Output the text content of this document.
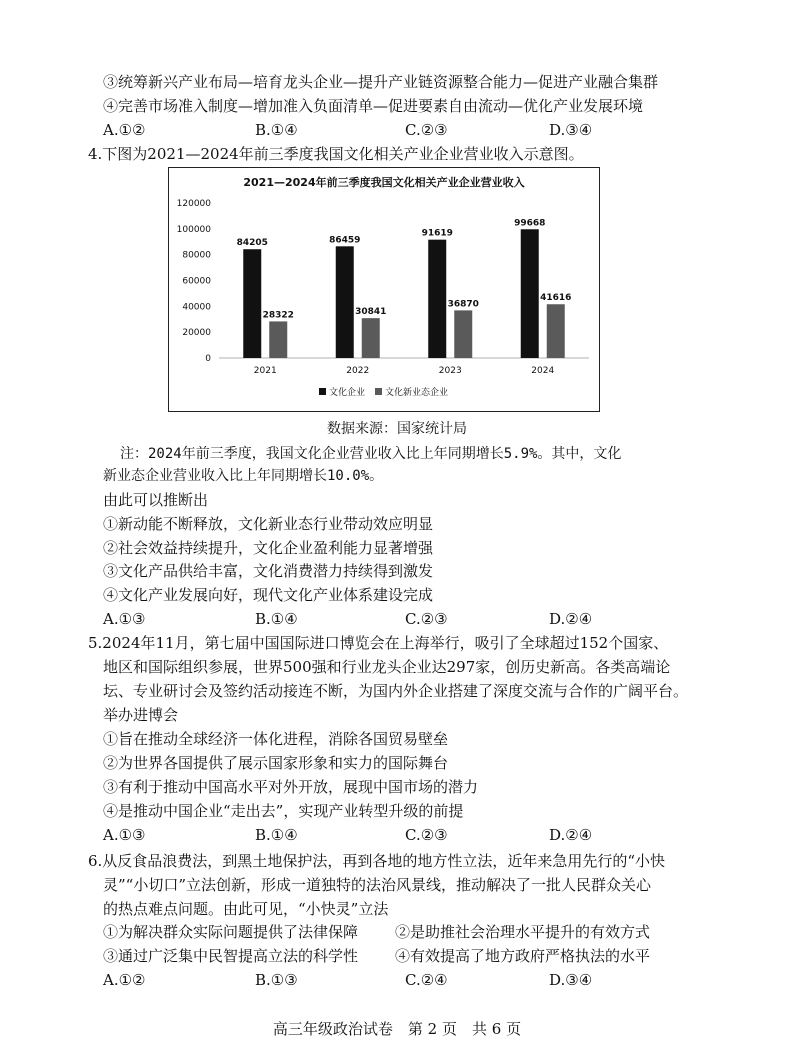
③统筹新兴产业布局—培育龙头企业—提升产业链资源整合能力—促进产业融合集群
④完善市场准入制度—增加准入负面清单—促进要素自由流动—优化产业发展环境
A.①②	B.①④	C.②③	D.③④
4.下图为2021—2024年前三季度我国文化相关产业企业营业收入示意图。
2021—2024年前三季度我国文化相关产业企业营业收入
120000
100000
80000
60000
40000
20000
0
84205
28322
2021
86459
30841
2022
91619
36870
2023
99668
41616
2024
文化企业 文化新业态企业
数据来源：国家统计局
注：2024年前三季度，我国文化企业营业收入比上年同期增长5.9%。其中，文化
新业态企业营业收入比上年同期增长10.0%。
由此可以推断出
①新动能不断释放，文化新业态行业带动效应明显
②社会效益持续提升，文化企业盈利能力显著增强
③文化产品供给丰富，文化消费潜力持续得到激发
④文化产业发展向好，现代文化产业体系建设完成
A.①③	B.①④	C.②③	D.②④
5.2024年11月，第七届中国国际进口博览会在上海举行，吸引了全球超过152个国家、
地区和国际组织参展，世界500强和行业龙头企业达297家，创历史新高。各类高端论
坛、专业研讨会及签约活动接连不断，为国内外企业搭建了深度交流与合作的广阔平台。
举办进博会
①旨在推动全球经济一体化进程，消除各国贸易壁垒
②为世界各国提供了展示国家形象和实力的国际舞台
③有利于推动中国高水平对外开放，展现中国市场的潜力
④是推动中国企业“走出去”，实现产业转型升级的前提
A.①③	B.①④	C.②③	D.②④
6.从反食品浪费法，到黑土地保护法，再到各地的地方性立法，近年来急用先行的“小快
灵”“小切口”立法创新，形成一道独特的法治风景线，推动解决了一批人民群众关心
的热点难点问题。由此可见，“小快灵”立法
①为解决群众实际问题提供了法律保障 ②是助推社会治理水平提升的有效方式
③通过广泛集中民智提高立法的科学性 ④有效提高了地方政府严格执法的水平
A.①②	B.①③	C.②④	D.③④
高三年级政治试卷　第 2 页　共 6 页
